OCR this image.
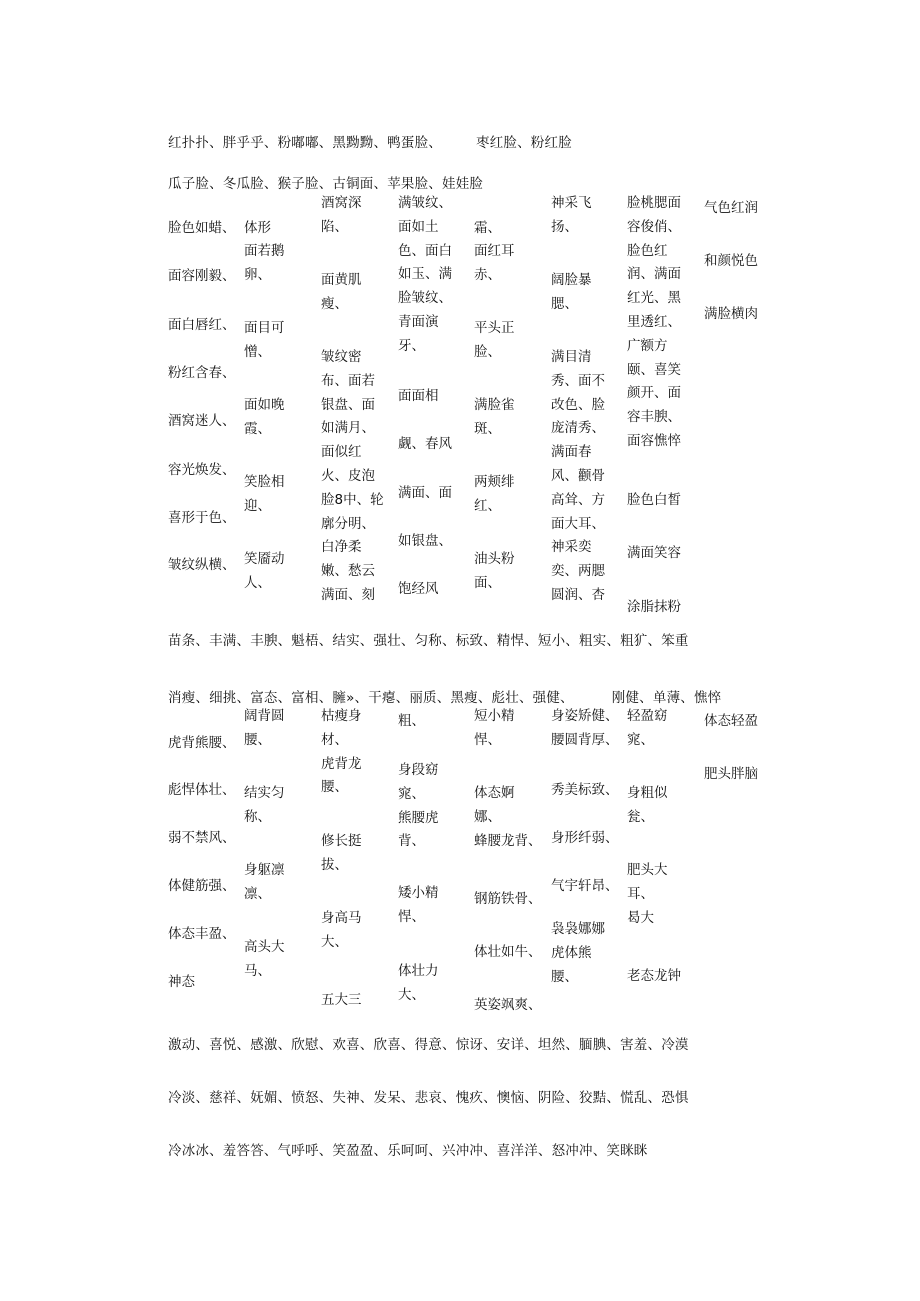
红扑扑、胖乎乎、粉嘟嘟、黑黝黝、鸭蛋脸、	枣红脸、粉红脸
瓜子脸、冬瓜脸、猴子脸、古铜面、苹果脸、娃娃脸
脸色如蜡、
面容刚毅、
面白唇红、
粉红含春、
酒窝迷人、
容光焕发、
喜形于色、
皱纹纵横、
体形
面若鹅
卵、
面目可
憎、
面如晚
霞、
笑脸相
迎、
笑靥动
人、
酒窝深
陷、
面黄肌
瘦、
皱纹密
布、面若
银盘、面
如满月、
面似红
火、皮泡
脸8中、轮
廓分明、
白净柔
嫩、愁云
满面、刻
满皱纹、
面如土
色、面白
如玉、满
脸皱纹、
青面演
牙、
面面相
觑、春风
满面、面
如银盘、
饱经风
霜、
面红耳
赤、
平头正
脸、
满脸雀
斑、
两颊绯
红、
油头粉
面、
神采飞
扬、
阔脸暴
腮、
满目清
秀、面不
改色、脸
庞清秀、
满面春
风、颧骨
高耸、方
面大耳、
神采奕
奕、两腮
圆润、杏
脸桃腮面
容俊俏、
脸色红
润、满面
红光、黑
里透红、
广额方
颐、喜笑
颜开、面
容丰腴、
面容憔悴
脸色白皙
满面笑容
涂脂抹粉
气色红润
和颜悦色
满脸横肉
苗条、丰满、丰腴、魁梧、结实、强壮、匀称、标致、精悍、短小、粗实、粗犷、笨重
消瘦、细挑、富态、富相、臃»、干瘪、丽质、黑瘦、彪壮、强健、	刚健、单薄、憔悴
虎背熊腰、
彪悍体壮、
弱不禁风、
体健筋强、
体态丰盈、
神态
阔背圆
腰、
结实匀
称、
身躯凛
凛、
高头大
马、
枯瘦身
材、
虎背龙
腰、
修长挺
拔、
身高马
大、
五大三
粗、
身段窈
窕、
熊腰虎
背、
矮小精
悍、
体壮力
大、
短小精
悍、
体态婀
娜、
蜂腰龙背、
钢筋铁骨、
体壮如牛、
英姿飒爽、
身姿矫健、
腰圆背厚、
秀美标致、
身形纤弱、
气宇轩昂、
袅袅娜娜
虎体熊
腰、
轻盈窈
窕、
身粗似
瓮、
肥头大
耳、
曷大
老态龙钟
体态轻盈
肥头胖脑
激动、喜悦、感激、欣慰、欢喜、欣喜、得意、惊讶、安详、坦然、腼腆、害羞、冷漠
冷淡、慈祥、妩媚、愤怒、失神、发呆、悲哀、愧疚、懊恼、阴险、狡黠、慌乱、恐惧
冷冰冰、羞答答、气呼呼、笑盈盈、乐呵呵、兴冲冲、喜洋洋、怒冲冲、笑眯眯
